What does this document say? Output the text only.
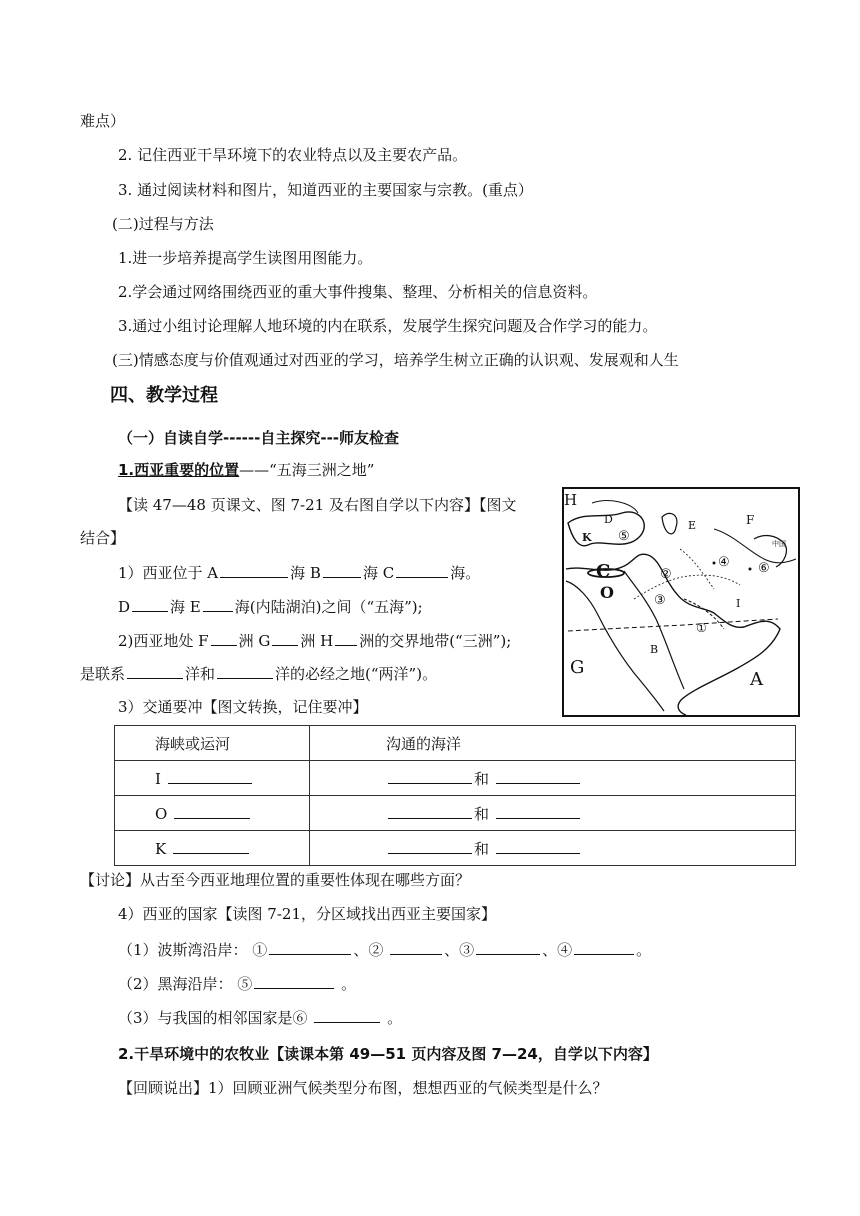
难点）
2. 记住西亚干旱环境下的农业特点以及主要农产品。
3. 通过阅读材料和图片，知道西亚的主要国家与宗教。(重点）
(二)过程与方法
1.进一步培养提高学生读图用图能力。
2.学会通过网络围绕西亚的重大事件搜集、整理、分析相关的信息资料。
3.通过小组讨论理解人地环境的内在联系，发展学生探究问题及合作学习的能力。
(三)情感态度与价值观通过对西亚的学习，培养学生树立正确的认识观、发展观和人生
四、教学过程
（一）自读自学------自主探究---师友检查
1.西亚重要的位置——“五海三洲之地”
【读 47—48 页课文、图 7-21 及右图自学以下内容】【图文
结合】
1）西亚位于 A	海 B	海 C	海。
D	海 E 海(内陆湖泊)之间（“五海”);
2)西亚地处 F 洲 G 洲 H 洲的交界地带(“三洲”);
是联系	洋和	洋的必经之地(“两洋”)。
3）交通要冲【图文转换，记住要冲】
H
F
D	E
K ⑤	中国
C	②
④ ⑥
O	③	I
①
B
G
A
海峡或运河	沟通的海洋
I	和
O	和
K	和
【讨论】从古至今西亚地理位置的重要性体现在哪些方面？
4）西亚的国家【读图 7-21，分区域找出西亚主要国家】
（1）波斯湾沿岸： ①	、②	、③	、④	。
（2）黑海沿岸： ⑤	。
（3）与我国的相邻国家是⑥	。
2.干旱环境中的农牧业【读课本第 49—51 页内容及图 7—24，自学以下内容】
【回顾说出】1）回顾亚洲气候类型分布图，想想西亚的气候类型是什么？
